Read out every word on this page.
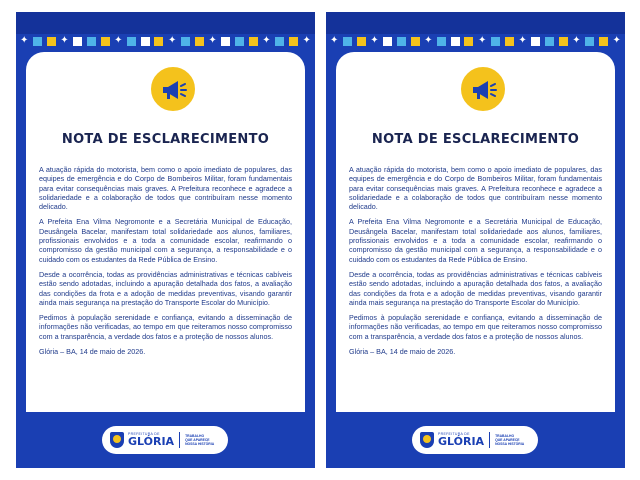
✦	✦	✦	✦	✦	✦	✦
NOTA DE ESCLARECIMENTO

A atuação rápida do motorista, bem como o apoio imediato de populares, das equipes de emergência e do Corpo de Bombeiros Militar, foram fundamentais para evitar consequências mais graves. A Prefeitura reconhece e agradece a solidariedade e a colaboração de todos que contribuíram nesse momento delicado.

A Prefeita Ena Vilma Negromonte e a Secretária Municipal de Educação, Deusângela Bacelar, manifestam total solidariedade aos alunos, familiares, profissionais envolvidos e a toda a comunidade escolar, reafirmando o compromisso da gestão municipal com a segurança, a responsabilidade e o cuidado com os estudantes da Rede Pública de Ensino.

Desde a ocorrência, todas as providências administrativas e técnicas cabíveis estão sendo adotadas, incluindo a apuração detalhada dos fatos, a avaliação das condições da frota e a adoção de medidas preventivas, visando garantir ainda mais segurança na prestação do Transporte Escolar do Município.

Pedimos à população serenidade e confiança, evitando a disseminação de informações não verificadas, ao tempo em que reiteramos nosso compromisso com a transparência, a verdade dos fatos e a proteção de nossos alunos.

Glória – BA, 14 de maio de 2026.

PREFEITURA DE
GLÓRIA	TRABALHO
QUE APARECE
NOSSA HISTÓRIA
✦	✦	✦	✦	✦	✦	✦
NOTA DE ESCLARECIMENTO

A atuação rápida do motorista, bem como o apoio imediato de populares, das equipes de emergência e do Corpo de Bombeiros Militar, foram fundamentais para evitar consequências mais graves. A Prefeitura reconhece e agradece a solidariedade e a colaboração de todos que contribuíram nesse momento delicado.

A Prefeita Ena Vilma Negromonte e a Secretária Municipal de Educação, Deusângela Bacelar, manifestam total solidariedade aos alunos, familiares, profissionais envolvidos e a toda a comunidade escolar, reafirmando o compromisso da gestão municipal com a segurança, a responsabilidade e o cuidado com os estudantes da Rede Pública de Ensino.

Desde a ocorrência, todas as providências administrativas e técnicas cabíveis estão sendo adotadas, incluindo a apuração detalhada dos fatos, a avaliação das condições da frota e a adoção de medidas preventivas, visando garantir ainda mais segurança na prestação do Transporte Escolar do Município.

Pedimos à população serenidade e confiança, evitando a disseminação de informações não verificadas, ao tempo em que reiteramos nosso compromisso com a transparência, a verdade dos fatos e a proteção de nossos alunos.

Glória – BA, 14 de maio de 2026.

PREFEITURA DE
GLÓRIA	TRABALHO
QUE APARECE
NOSSA HISTÓRIA
